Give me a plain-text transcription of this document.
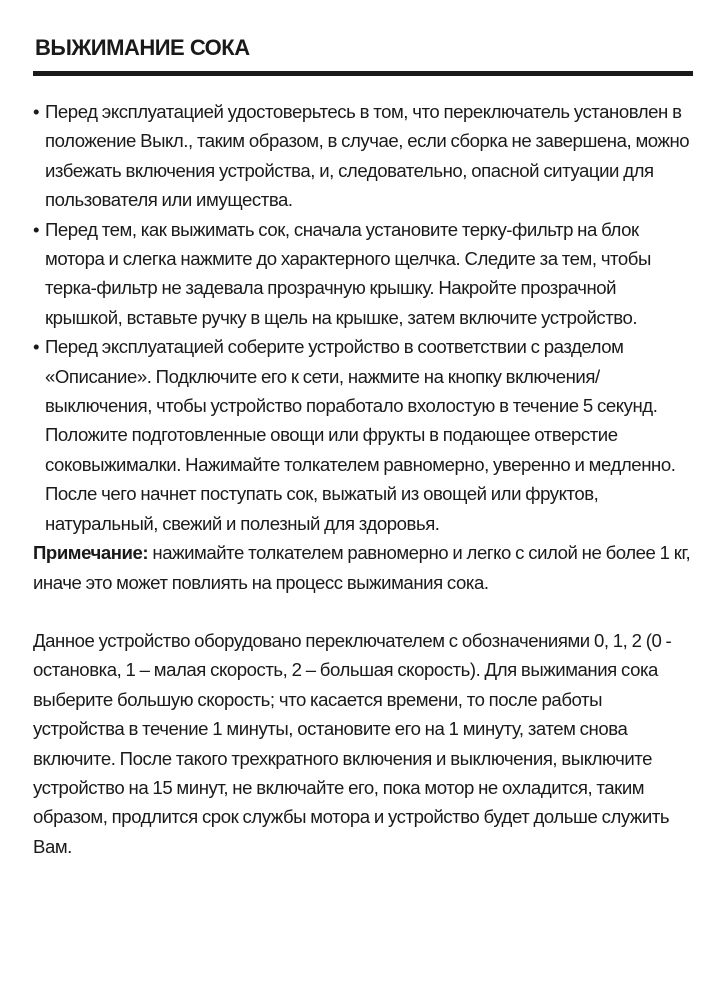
ВЫЖИМАНИЕ СОКА

• Перед эксплуатацией удостоверьтесь в том, что переключатель установлен в положение Выкл., таким образом, в случае, если сборка не завершена, можно избежать включения устройства, и, следовательно, опасной ситуации для пользователя или имущества.

• Перед тем, как выжимать сок, сначала установите терку-фильтр на блок мотора и слегка нажмите до характерного щелчка. Следите за тем, чтобы терка-фильтр не задевала прозрачную крышку. Накройте прозрачной крышкой, вставьте ручку в щель на крышке, затем включите устройство.

• Перед эксплуатацией соберите устройство в соответствии с разделом «Описание». Подключите его к сети, нажмите на кнопку включения/выключения, чтобы устройство поработало вхолостую в течение 5 секунд. Положите подготовленные овощи или фрукты в подающее отверстие соковыжималки. Нажимайте толкателем равномерно, уверенно и медленно. После чего начнет поступать сок, выжатый из овощей или фруктов, натуральный, свежий и полезный для здоровья.

Примечание: нажимайте толкателем равномерно и легко с силой не более 1 кг, иначе это может повлиять на процесс выжимания сока.

Данное устройство оборудовано переключателем с обозначениями 0, 1, 2 (0 - остановка, 1 – малая скорость, 2 – большая скорость). Для выжимания сока выберите большую скорость; что касается времени, то после работы устройства в течение 1 минуты, остановите его на 1 минуту, затем снова включите. После такого трехкратного включения и выключения, выключите устройство на 15 минут, не включайте его, пока мотор не охладится, таким образом, продлится срок службы мотора и устройство будет дольше служить Вам.
